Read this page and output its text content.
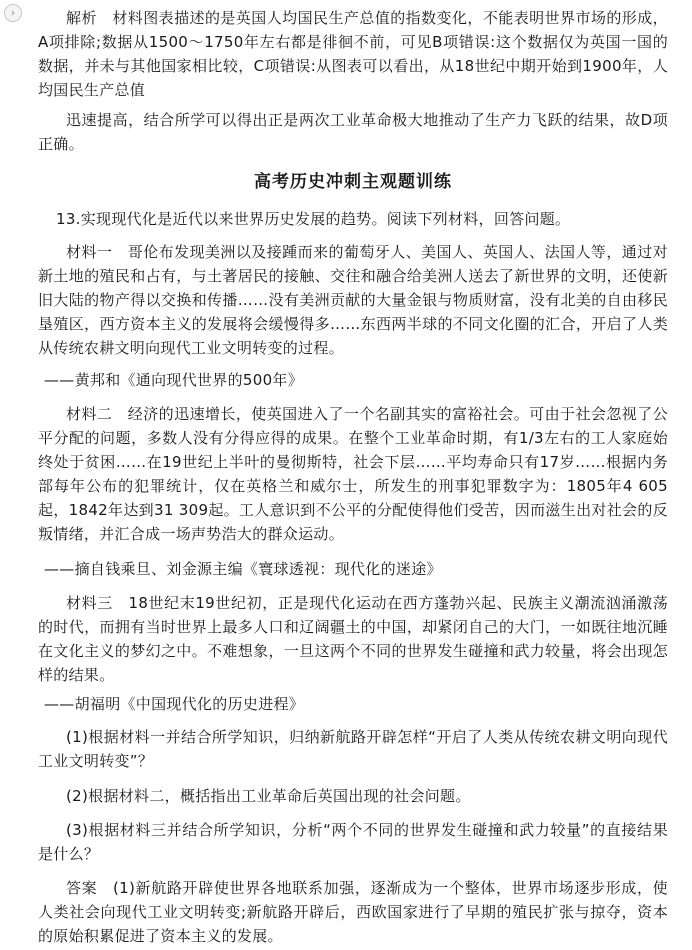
›	解析　材料图表描述的是英国人均国民生产总值的指数变化，不能表明世界市场的形成，A项排除;数据从1500～1750年左右都是徘徊不前，可见B项错误:这个数据仅为英国一国的数据，并未与其他国家相比较，C项错误:从图表可以看出，从18世纪中期开始到1900年，人均国民生产总值

迅速提高，结合所学可以得出正是两次工业革命极大地推动了生产力飞跃的结果，故D项正确。

高考历史冲刺主观题训练

13.实现现代化是近代以来世界历史发展的趋势。阅读下列材料，回答问题。

材料一　哥伦布发现美洲以及接踵而来的葡萄牙人、美国人、英国人、法国人等，通过对新土地的殖民和占有，与土著居民的接触、交往和融合给美洲人送去了新世界的文明，还使新旧大陆的物产得以交换和传播……没有美洲贡献的大量金银与物质财富，没有北美的自由移民垦殖区，西方资本主义的发展将会缓慢得多……东西两半球的不同文化圈的汇合，开启了人类从传统农耕文明向现代工业文明转变的过程。

——黄邦和《通向现代世界的500年》

材料二　经济的迅速增长，使英国进入了一个名副其实的富裕社会。可由于社会忽视了公平分配的问题，多数人没有分得应得的成果。在整个工业革命时期，有1/3左右的工人家庭始终处于贫困……在19世纪上半叶的曼彻斯特，社会下层……平均寿命只有17岁……根据内务部每年公布的犯罪统计，仅在英格兰和威尔士，所发生的刑事犯罪数字为：1805年4 605起，1842年达到31 309起。工人意识到不公平的分配使得他们受苦，因而滋生出对社会的反叛情绪，并汇合成一场声势浩大的群众运动。

——摘自钱乘旦、刘金源主编《寰球透视：现代化的迷途》

材料三　18世纪末19世纪初，正是现代化运动在西方蓬勃兴起、民族主义潮流汹涌激荡的时代，而拥有当时世界上最多人口和辽阔疆土的中国，却紧闭自己的大门，一如既往地沉睡在文化主义的梦幻之中。不难想象，一旦这两个不同的世界发生碰撞和武力较量，将会出现怎样的结果。

——胡福明《中国现代化的历史进程》

(1)根据材料一并结合所学知识，归纳新航路开辟怎样“开启了人类从传统农耕文明向现代工业文明转变”？

(2)根据材料二，概括指出工业革命后英国出现的社会问题。

(3)根据材料三并结合所学知识，分析“两个不同的世界发生碰撞和武力较量”的直接结果是什么？

答案　(1)新航路开辟使世界各地联系加强，逐渐成为一个整体，世界市场逐步形成，使人类社会向现代工业文明转变;新航路开辟后，西欧国家进行了早期的殖民扩张与掠夺，资本的原始积累促进了资本主义的发展。
